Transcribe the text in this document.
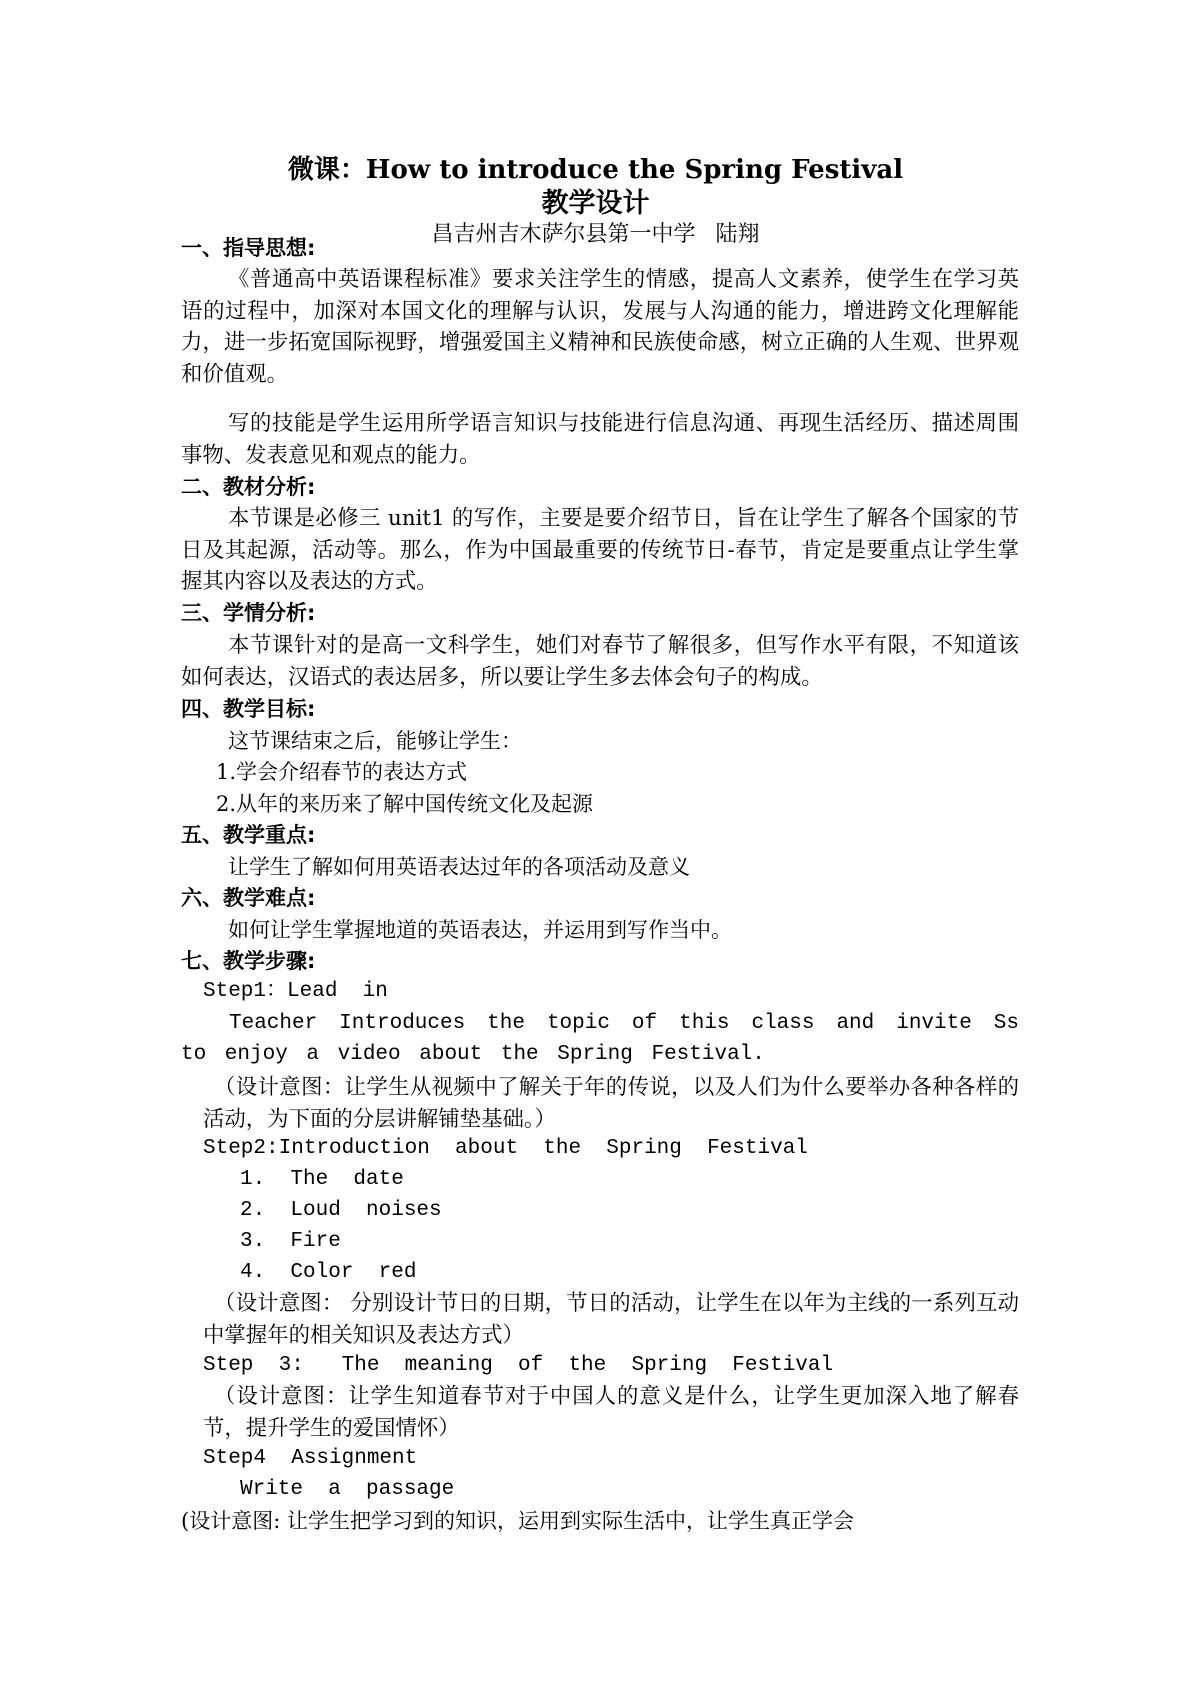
微课：How to introduce the Spring Festival
教学设计
昌吉州吉木萨尔县第一中学 陆翔
一、指导思想:
《普通高中英语课程标准》要求关注学生的情感，提高人文素养，使学生在学习英语的过程中，加深对本国文化的理解与认识，发展与人沟通的能力，增进跨文化理解能力，进一步拓宽国际视野，增强爱国主义精神和民族使命感，树立正确的人生观、世界观和价值观。
写的技能是学生运用所学语言知识与技能进行信息沟通、再现生活经历、描述周围事物、发表意见和观点的能力。
二、教材分析:
本节课是必修三 unit1 的写作，主要是要介绍节日，旨在让学生了解各个国家的节日及其起源，活动等。那么，作为中国最重要的传统节日-春节，肯定是要重点让学生掌握其内容以及表达的方式。
三、学情分析:
本节课针对的是高一文科学生，她们对春节了解很多，但写作水平有限，不知道该如何表达，汉语式的表达居多，所以要让学生多去体会句子的构成。
四、教学目标:
这节课结束之后，能够让学生：
1.学会介绍春节的表达方式
2.从年的来历来了解中国传统文化及起源
五、教学重点:
让学生了解如何用英语表达过年的各项活动及意义
六、教学难点:
如何让学生掌握地道的英语表达，并运用到写作当中。
七、教学步骤:
Step1：Lead  in
Teacher Introduces the topic of this class and invite Ss to enjoy a video about the Spring Festival.
（设计意图：让学生从视频中了解关于年的传说，以及人们为什么要举办各种各样的活动，为下面的分层讲解铺垫基础。）
Step2:Introduction  about  the  Spring  Festival
1.  The  date
2.  Loud  noises
3.  Fire
4.  Color  red
（设计意图： 分别设计节日的日期，节日的活动，让学生在以年为主线的一系列互动中掌握年的相关知识及表达方式）
Step  3:   The  meaning  of  the  Spring  Festival
（设计意图：让学生知道春节对于中国人的意义是什么，让学生更加深入地了解春节，提升学生的爱国情怀）
Step4  Assignment
Write  a  passage
(设计意图: 让学生把学习到的知识，运用到实际生活中，让学生真正学会
